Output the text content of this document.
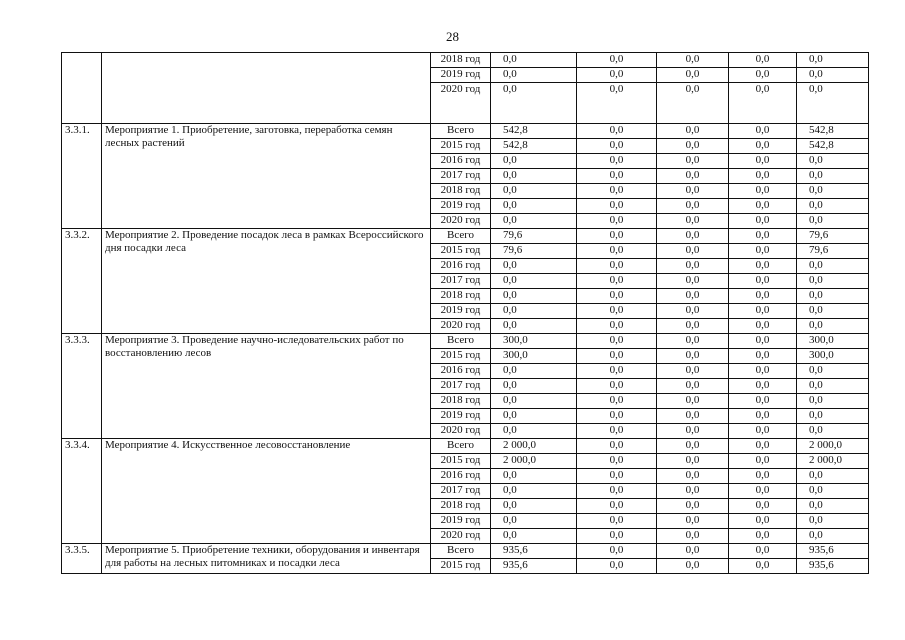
28
		2018 год	0,0	0,0	0,0	0,0	0,0
		2019 год	0,0	0,0	0,0	0,0	0,0
		2020 год	0,0	0,0	0,0	0,0	0,0
3.3.1.	Мероприятие 1. Приобретение, заготовка, переработка семян лесных растений	Всего	542,8	0,0	0,0	0,0	542,8
		2015 год	542,8	0,0	0,0	0,0	542,8
		2016 год	0,0	0,0	0,0	0,0	0,0
		2017 год	0,0	0,0	0,0	0,0	0,0
		2018 год	0,0	0,0	0,0	0,0	0,0
		2019 год	0,0	0,0	0,0	0,0	0,0
		2020 год	0,0	0,0	0,0	0,0	0,0
3.3.2.	Мероприятие 2. Проведение посадок леса в рамках Всероссийского дня посадки леса	Всего	79,6	0,0	0,0	0,0	79,6
		2015 год	79,6	0,0	0,0	0,0	79,6
		2016 год	0,0	0,0	0,0	0,0	0,0
		2017 год	0,0	0,0	0,0	0,0	0,0
		2018 год	0,0	0,0	0,0	0,0	0,0
		2019 год	0,0	0,0	0,0	0,0	0,0
		2020 год	0,0	0,0	0,0	0,0	0,0
3.3.3.	Мероприятие 3. Проведение научно-иследовательских работ по восстановлению лесов	Всего	300,0	0,0	0,0	0,0	300,0
		2015 год	300,0	0,0	0,0	0,0	300,0
		2016 год	0,0	0,0	0,0	0,0	0,0
		2017 год	0,0	0,0	0,0	0,0	0,0
		2018 год	0,0	0,0	0,0	0,0	0,0
		2019 год	0,0	0,0	0,0	0,0	0,0
		2020 год	0,0	0,0	0,0	0,0	0,0
3.3.4.	Мероприятие 4. Искусственное лесовосстановление	Всего	2 000,0	0,0	0,0	0,0	2 000,0
		2015 год	2 000,0	0,0	0,0	0,0	2 000,0
		2016 год	0,0	0,0	0,0	0,0	0,0
		2017 год	0,0	0,0	0,0	0,0	0,0
		2018 год	0,0	0,0	0,0	0,0	0,0
		2019 год	0,0	0,0	0,0	0,0	0,0
		2020 год	0,0	0,0	0,0	0,0	0,0
3.3.5.	Мероприятие 5. Приобретение техники, оборудования и инвентаря для работы на лесных питомниках и посадки леса	Всего	935,6	0,0	0,0	0,0	935,6
		2015 год	935,6	0,0	0,0	0,0	935,6
